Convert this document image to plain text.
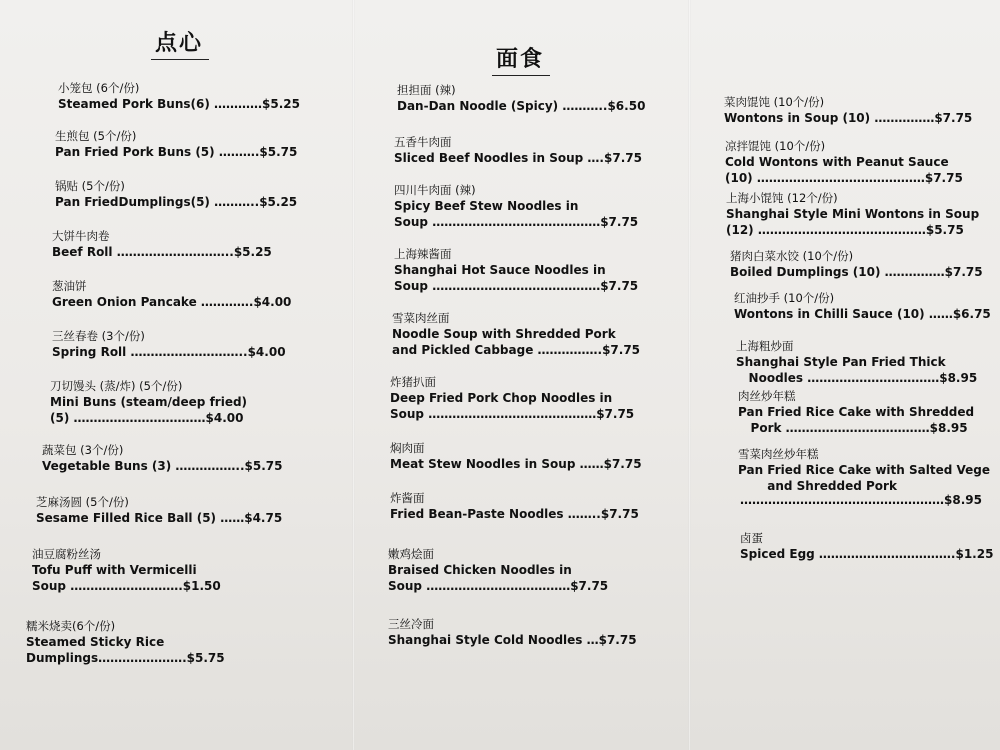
点心
小笼包 (6个/份)
Steamed Pork Buns(6) …………$5.25
生煎包 (5个/份)
Pan Fried Pork Buns (5) ……….$5.75
锅贴 (5个/份)
Pan FriedDumplings(5) ………..$5.25
大饼牛肉卷
Beef Roll ………………………..$5.25
葱油饼
Green Onion Pancake ………….$4.00
三丝春卷 (3个/份)
Spring Roll ………………………..$4.00
刀切馒头 (蒸/炸) (5个/份)
Mini Buns (steam/deep fried)
(5) ……………………………$4.00
蔬菜包 (3个/份)
Vegetable Buns (3) ……………..$5.75
芝麻汤圆 (5个/份)
Sesame Filled Rice Ball (5) ……$4.75
油豆腐粉丝汤
Tofu Puff with Vermicelli
Soup ……………………….$1.50
糯米烧卖(6个/份)
Steamed Sticky Rice
Dumplings………………….$5.75
面食
担担面 (辣)
Dan-Dan Noodle (Spicy) ………..$6.50
五香牛肉面
Sliced Beef Noodles in Soup ….$7.75
四川牛肉面 (辣)
Spicy Beef Stew Noodles in
Soup ……………………………………$7.75
上海辣酱面
Shanghai Hot Sauce Noodles in
Soup ……………………………………$7.75
雪菜肉丝面
Noodle Soup with Shredded Pork
and Pickled Cabbage …………….$7.75
炸猪扒面
Deep Fried Pork Chop Noodles in
Soup ……………………………………$7.75
焖肉面
Meat Stew Noodles in Soup ……$7.75
炸酱面
Fried Bean-Paste Noodles ……..$7.75
嫩鸡烩面
Braised Chicken Noodles in
Soup ………………………………$7.75
三丝冷面
Shanghai Style Cold Noodles …$7.75
菜肉馄饨 (10个/份)
Wontons in Soup (10) ……………$7.75
凉拌馄饨 (10个/份)
Cold Wontons with Peanut Sauce
(10) ……………………………………$7.75
上海小馄饨 (12个/份)
Shanghai Style Mini Wontons in Soup
(12) ……………………………………$5.75
猪肉白菜水饺 (10个/份)
Boiled Dumplings (10) ……………$7.75
红油抄手 (10个/份)
Wontons in Chilli Sauce (10) ……$6.75
上海粗炒面
Shanghai Style Pan Fried Thick
Noodles ……………………………$8.95
肉丝炒年糕
Pan Fried Rice Cake with Shredded
Pork ………………………………$8.95
雪菜肉丝炒年糕
Pan Fried Rice Cake with Salted Vege
and Shredded Pork
……………………………………………$8.95
卤蛋
Spiced Egg …………………………….$1.25
